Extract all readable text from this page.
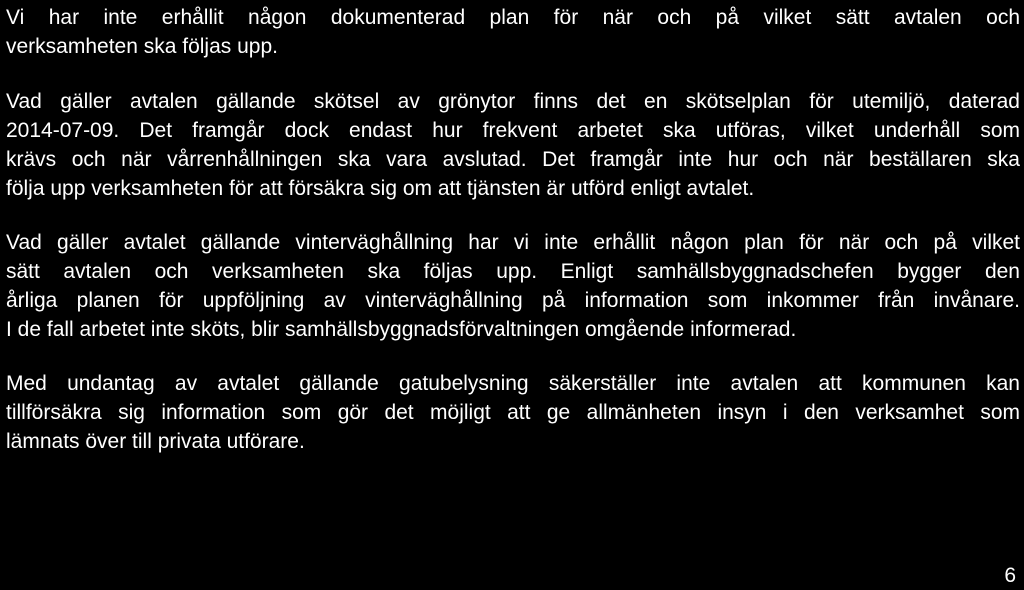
Vi har inte erhållit någon dokumenterad plan för när och på vilket sätt avtalen och
verksamheten ska följas upp.

Vad gäller avtalen gällande skötsel av grönytor finns det en skötselplan för utemiljö, daterad
2014-07-09. Det framgår dock endast hur frekvent arbetet ska utföras, vilket underhåll som
krävs och när vårrenhållningen ska vara avslutad. Det framgår inte hur och när beställaren ska
följa upp verksamheten för att försäkra sig om att tjänsten är utförd enligt avtalet.

Vad gäller avtalet gällande vinterväghållning har vi inte erhållit någon plan för när och på vilket
sätt avtalen och verksamheten ska följas upp. Enligt samhällsbyggnadschefen bygger den
årliga planen för uppföljning av vinterväghållning på information som inkommer från invånare.
I de fall arbetet inte sköts, blir samhällsbyggnadsförvaltningen omgående informerad.

Med undantag av avtalet gällande gatubelysning säkerställer inte avtalen att kommunen kan
tillförsäkra sig information som gör det möjligt att ge allmänheten insyn i den verksamhet som
lämnats över till privata utförare.

6
